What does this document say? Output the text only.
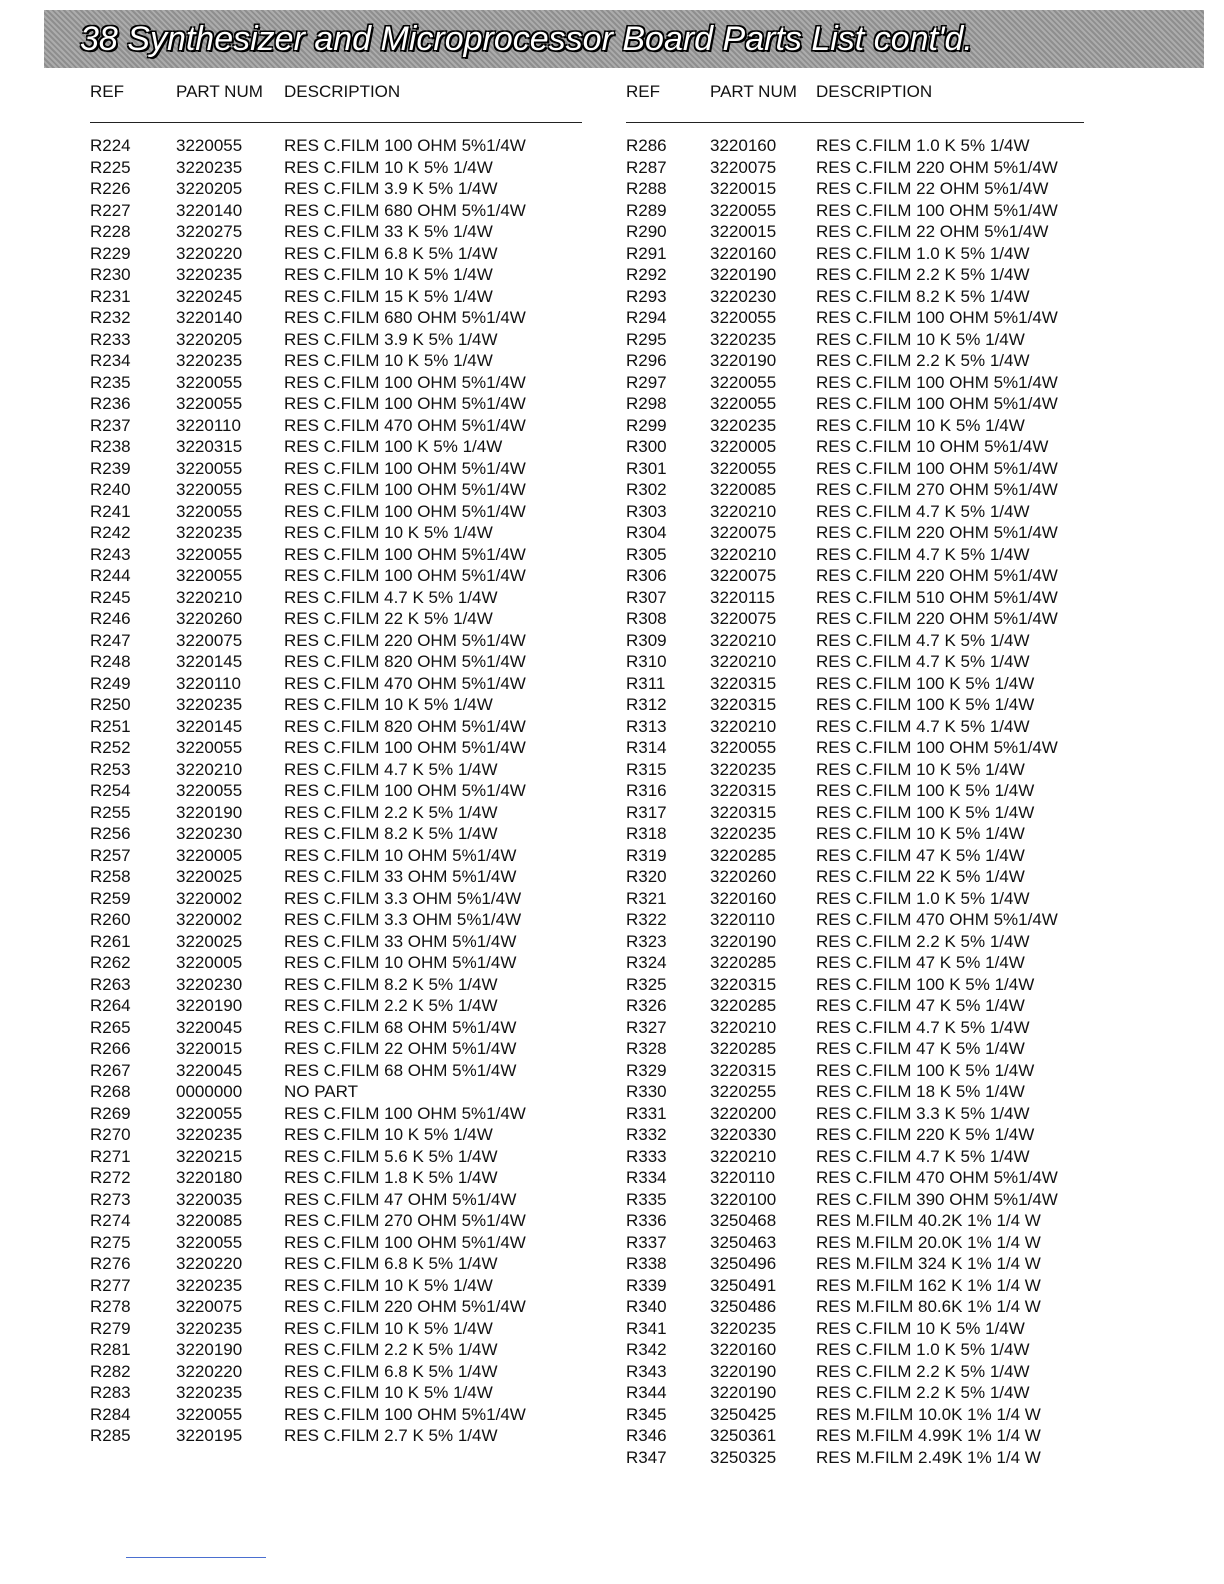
38 Synthesizer and Microprocessor Board Parts List cont'd.
REF	PART NUM DESCRIPTION
R224	3220055 RES C.FILM 100 OHM 5%1/4W
R225	3220235 RES C.FILM 10 K 5% 1/4W
R226	3220205 RES C.FILM 3.9 K 5% 1/4W
R227	3220140 RES C.FILM 680 OHM 5%1/4W
R228	3220275 RES C.FILM 33 K 5% 1/4W
R229	3220220 RES C.FILM 6.8 K 5% 1/4W
R230	3220235 RES C.FILM 10 K 5% 1/4W
R231	3220245 RES C.FILM 15 K 5% 1/4W
R232	3220140 RES C.FILM 680 OHM 5%1/4W
R233	3220205 RES C.FILM 3.9 K 5% 1/4W
R234	3220235 RES C.FILM 10 K 5% 1/4W
R235	3220055 RES C.FILM 100 OHM 5%1/4W
R236	3220055 RES C.FILM 100 OHM 5%1/4W
R237	3220110	RES C.FILM 470 OHM 5%1/4W
R238	3220315 RES C.FILM 100 K 5% 1/4W
R239	3220055 RES C.FILM 100 OHM 5%1/4W
R240	3220055 RES C.FILM 100 OHM 5%1/4W
R241	3220055 RES C.FILM 100 OHM 5%1/4W
R242	3220235 RES C.FILM 10 K 5% 1/4W
R243	3220055 RES C.FILM 100 OHM 5%1/4W
R244	3220055 RES C.FILM 100 OHM 5%1/4W
R245	3220210 RES C.FILM 4.7 K 5% 1/4W
R246	3220260 RES C.FILM 22 K 5% 1/4W
R247	3220075 RES C.FILM 220 OHM 5%1/4W
R248	3220145 RES C.FILM 820 OHM 5%1/4W
R249	3220110	RES C.FILM 470 OHM 5%1/4W
R250	3220235 RES C.FILM 10 K 5% 1/4W
R251	3220145 RES C.FILM 820 OHM 5%1/4W
R252	3220055 RES C.FILM 100 OHM 5%1/4W
R253	3220210 RES C.FILM 4.7 K 5% 1/4W
R254	3220055 RES C.FILM 100 OHM 5%1/4W
R255	3220190 RES C.FILM 2.2 K 5% 1/4W
R256	3220230 RES C.FILM 8.2 K 5% 1/4W
R257	3220005 RES C.FILM 10 OHM 5%1/4W
R258	3220025 RES C.FILM 33 OHM 5%1/4W
R259	3220002 RES C.FILM 3.3 OHM 5%1/4W
R260	3220002 RES C.FILM 3.3 OHM 5%1/4W
R261	3220025 RES C.FILM 33 OHM 5%1/4W
R262	3220005 RES C.FILM 10 OHM 5%1/4W
R263	3220230 RES C.FILM 8.2 K 5% 1/4W
R264	3220190 RES C.FILM 2.2 K 5% 1/4W
R265	3220045 RES C.FILM 68 OHM 5%1/4W
R266	3220015 RES C.FILM 22 OHM 5%1/4W
R267	3220045 RES C.FILM 68 OHM 5%1/4W
R268	0000000 NO PART
R269	3220055 RES C.FILM 100 OHM 5%1/4W
R270	3220235 RES C.FILM 10 K 5% 1/4W
R271	3220215 RES C.FILM 5.6 K 5% 1/4W
R272	3220180 RES C.FILM 1.8 K 5% 1/4W
R273	3220035 RES C.FILM 47 OHM 5%1/4W
R274	3220085 RES C.FILM 270 OHM 5%1/4W
R275	3220055 RES C.FILM 100 OHM 5%1/4W
R276	3220220 RES C.FILM 6.8 K 5% 1/4W
R277	3220235 RES C.FILM 10 K 5% 1/4W
R278	3220075 RES C.FILM 220 OHM 5%1/4W
R279	3220235 RES C.FILM 10 K 5% 1/4W
R281	3220190 RES C.FILM 2.2 K 5% 1/4W
R282	3220220 RES C.FILM 6.8 K 5% 1/4W
R283	3220235 RES C.FILM 10 K 5% 1/4W
R284	3220055 RES C.FILM 100 OHM 5%1/4W
R285	3220195 RES C.FILM 2.7 K 5% 1/4W
REF	PART NUM DESCRIPTION
R286	3220160 RES C.FILM 1.0 K 5% 1/4W
R287	3220075 RES C.FILM 220 OHM 5%1/4W
R288	3220015 RES C.FILM 22 OHM 5%1/4W
R289	3220055 RES C.FILM 100 OHM 5%1/4W
R290	3220015 RES C.FILM 22 OHM 5%1/4W
R291	3220160 RES C.FILM 1.0 K 5% 1/4W
R292	3220190 RES C.FILM 2.2 K 5% 1/4W
R293	3220230 RES C.FILM 8.2 K 5% 1/4W
R294	3220055 RES C.FILM 100 OHM 5%1/4W
R295	3220235 RES C.FILM 10 K 5% 1/4W
R296	3220190 RES C.FILM 2.2 K 5% 1/4W
R297	3220055 RES C.FILM 100 OHM 5%1/4W
R298	3220055 RES C.FILM 100 OHM 5%1/4W
R299	3220235 RES C.FILM 10 K 5% 1/4W
R300	3220005 RES C.FILM 10 OHM 5%1/4W
R301	3220055 RES C.FILM 100 OHM 5%1/4W
R302	3220085 RES C.FILM 270 OHM 5%1/4W
R303	3220210 RES C.FILM 4.7 K 5% 1/4W
R304	3220075 RES C.FILM 220 OHM 5%1/4W
R305	3220210 RES C.FILM 4.7 K 5% 1/4W
R306	3220075 RES C.FILM 220 OHM 5%1/4W
R307	3220115 RES C.FILM 510 OHM 5%1/4W
R308	3220075 RES C.FILM 220 OHM 5%1/4W
R309	3220210 RES C.FILM 4.7 K 5% 1/4W
R310	3220210 RES C.FILM 4.7 K 5% 1/4W
R311	3220315 RES C.FILM 100 K 5% 1/4W
R312	3220315 RES C.FILM 100 K 5% 1/4W
R313	3220210 RES C.FILM 4.7 K 5% 1/4W
R314	3220055 RES C.FILM 100 OHM 5%1/4W
R315	3220235 RES C.FILM 10 K 5% 1/4W
R316	3220315 RES C.FILM 100 K 5% 1/4W
R317	3220315 RES C.FILM 100 K 5% 1/4W
R318	3220235 RES C.FILM 10 K 5% 1/4W
R319	3220285 RES C.FILM 47 K 5% 1/4W
R320	3220260 RES C.FILM 22 K 5% 1/4W
R321	3220160 RES C.FILM 1.0 K 5% 1/4W
R322	3220110 RES C.FILM 470 OHM 5%1/4W
R323	3220190 RES C.FILM 2.2 K 5% 1/4W
R324	3220285 RES C.FILM 47 K 5% 1/4W
R325	3220315 RES C.FILM 100 K 5% 1/4W
R326	3220285 RES C.FILM 47 K 5% 1/4W
R327	3220210 RES C.FILM 4.7 K 5% 1/4W
R328	3220285 RES C.FILM 47 K 5% 1/4W
R329	3220315 RES C.FILM 100 K 5% 1/4W
R330	3220255 RES C.FILM 18 K 5% 1/4W
R331	3220200 RES C.FILM 3.3 K 5% 1/4W
R332	3220330 RES C.FILM 220 K 5% 1/4W
R333	3220210 RES C.FILM 4.7 K 5% 1/4W
R334	3220110 RES C.FILM 470 OHM 5%1/4W
R335	3220100 RES C.FILM 390 OHM 5%1/4W
R336	3250468 RES M.FILM 40.2K 1% 1/4 W
R337	3250463 RES M.FILM 20.0K 1% 1/4 W
R338	3250496 RES M.FILM 324 K 1% 1/4 W
R339	3250491 RES M.FILM 162 K 1% 1/4 W
R340	3250486 RES M.FILM 80.6K 1% 1/4 W
R341	3220235 RES C.FILM 10 K 5% 1/4W
R342	3220160 RES C.FILM 1.0 K 5% 1/4W
R343	3220190 RES C.FILM 2.2 K 5% 1/4W
R344	3220190 RES C.FILM 2.2 K 5% 1/4W
R345	3250425 RES M.FILM 10.0K 1% 1/4 W
R346	3250361 RES M.FILM 4.99K 1% 1/4 W
R347	3250325 RES M.FILM 2.49K 1% 1/4 W
